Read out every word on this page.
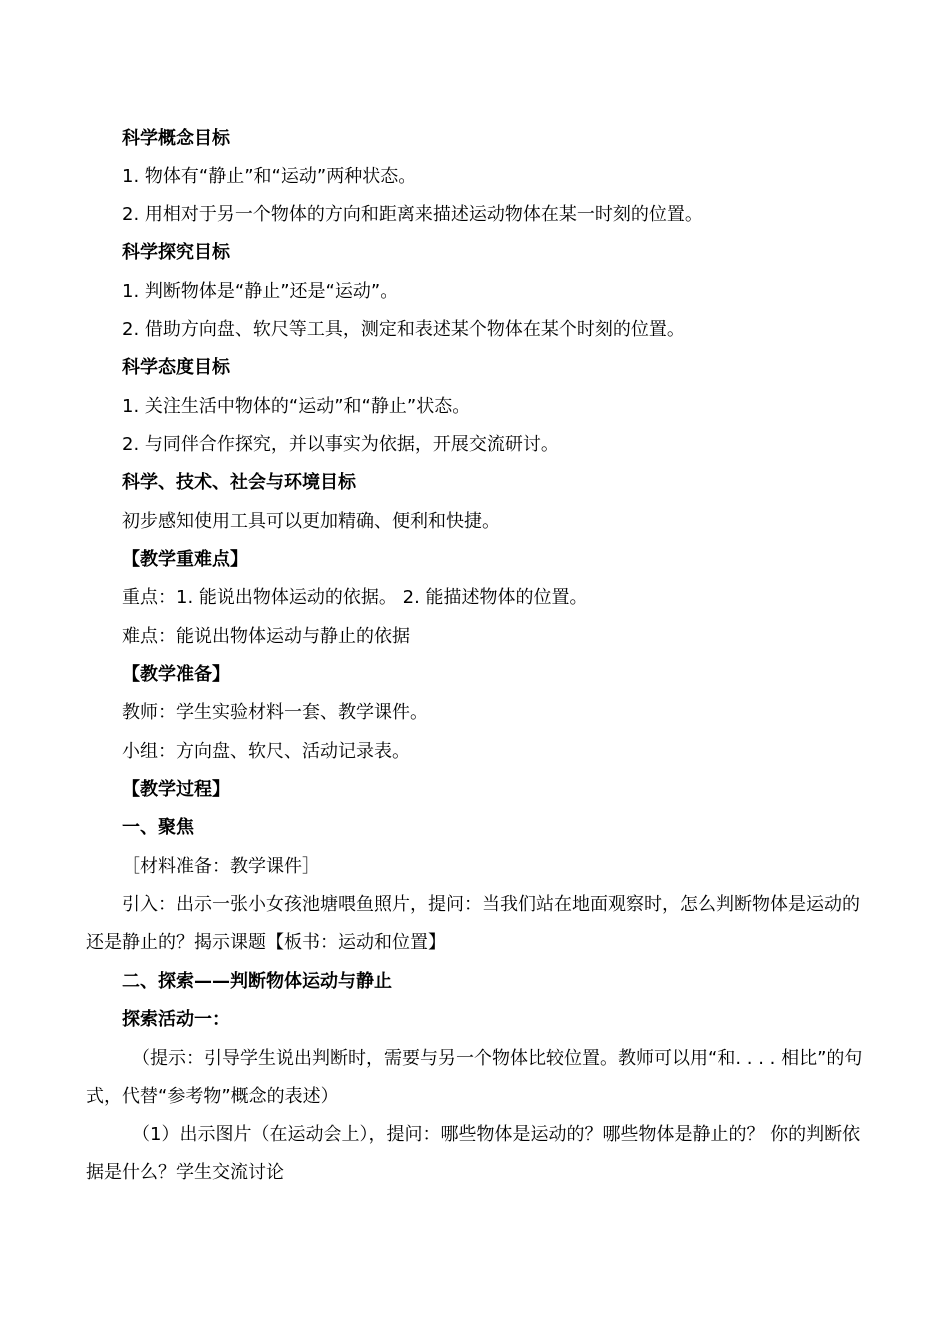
科学概念目标
1. 物体有“静止”和“运动”两种状态。
2. 用相对于另一个物体的方向和距离来描述运动物体在某一时刻的位置。
科学探究目标
1. 判断物体是“静止”还是“运动”。
2. 借助方向盘、软尺等工具，测定和表述某个物体在某个时刻的位置。
科学态度目标
1. 关注生活中物体的“运动”和“静止”状态。
2. 与同伴合作探究，并以事实为依据，开展交流研讨。
科学、技术、社会与环境目标
初步感知使用工具可以更加精确、便利和快捷。
【教学重难点】
重点：1. 能说出物体运动的依据。 2. 能描述物体的位置。
难点：能说出物体运动与静止的依据
【教学准备】
教师：学生实验材料一套、教学课件。
小组：方向盘、软尺、活动记录表。
【教学过程】
一、聚焦
［材料准备：教学课件］
引入：出示一张小女孩池塘喂鱼照片，提问：当我们站在地面观察时，怎么判断物体是运动的还是静止的？揭示课题【板书：运动和位置】
二、探索——判断物体运动与静止
探索活动一：
（提示：引导学生说出判断时，需要与另一个物体比较位置。教师可以用“和. . . . 相比”的句式，代替“参考物”概念的表述）
（1）出示图片（在运动会上），提问：哪些物体是运动的？哪些物体是静止的？ 你的判断依据是什么？学生交流讨论
